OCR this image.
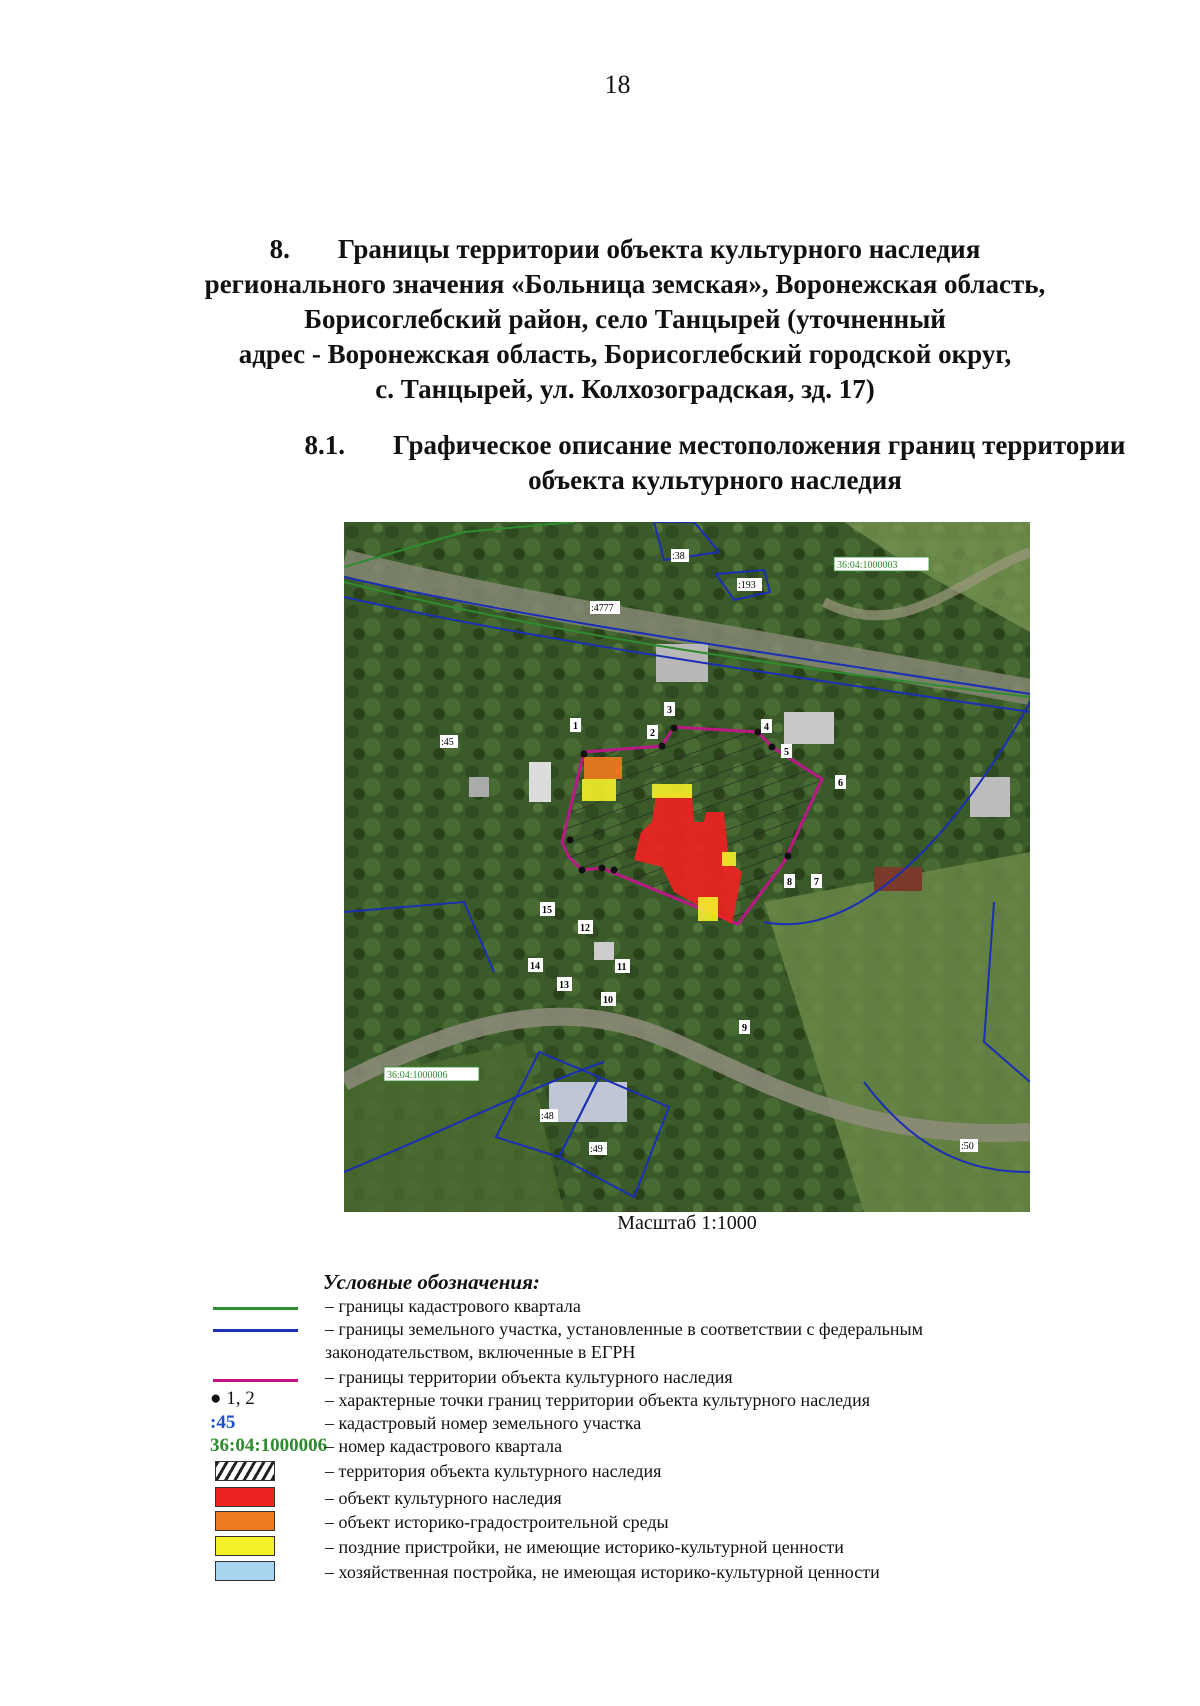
18
8. Границы территории объекта культурного наследия
регионального значения «Больница земская», Воронежская область,
Борисоглебский район, село Танцырей (уточненный
адрес - Воронежская область, Борисоглебский городской округ,
с. Танцырей, ул. Колхозоградская, зд. 17)
8.1. Графическое описание местоположения границ территории
объекта культурного наследия
1
2
3
4
5
6
7
8
9
10
11
12
13
14
15
36:04:1000003
36:04:1000006
:38
:193
:4777
:45
:48
:49	:50
Масштаб 1:1000
Условные обозначения:
– границы кадастрового квартала
– границы земельного участка, установленные в соответствии с федеральным законодательством, включенные в ЕГРН
– границы территории объекта культурного наследия
● 1, 2	– характерные точки границ территории объекта культурного наследия
:45	– кадастровый номер земельного участка
36:04:1000006
– номер кадастрового квартала
– территория объекта культурного наследия
– объект культурного наследия
– объект историко-градостроительной среды
– поздние пристройки, не имеющие историко-культурной ценности
– хозяйственная постройка, не имеющая историко-культурной ценности
